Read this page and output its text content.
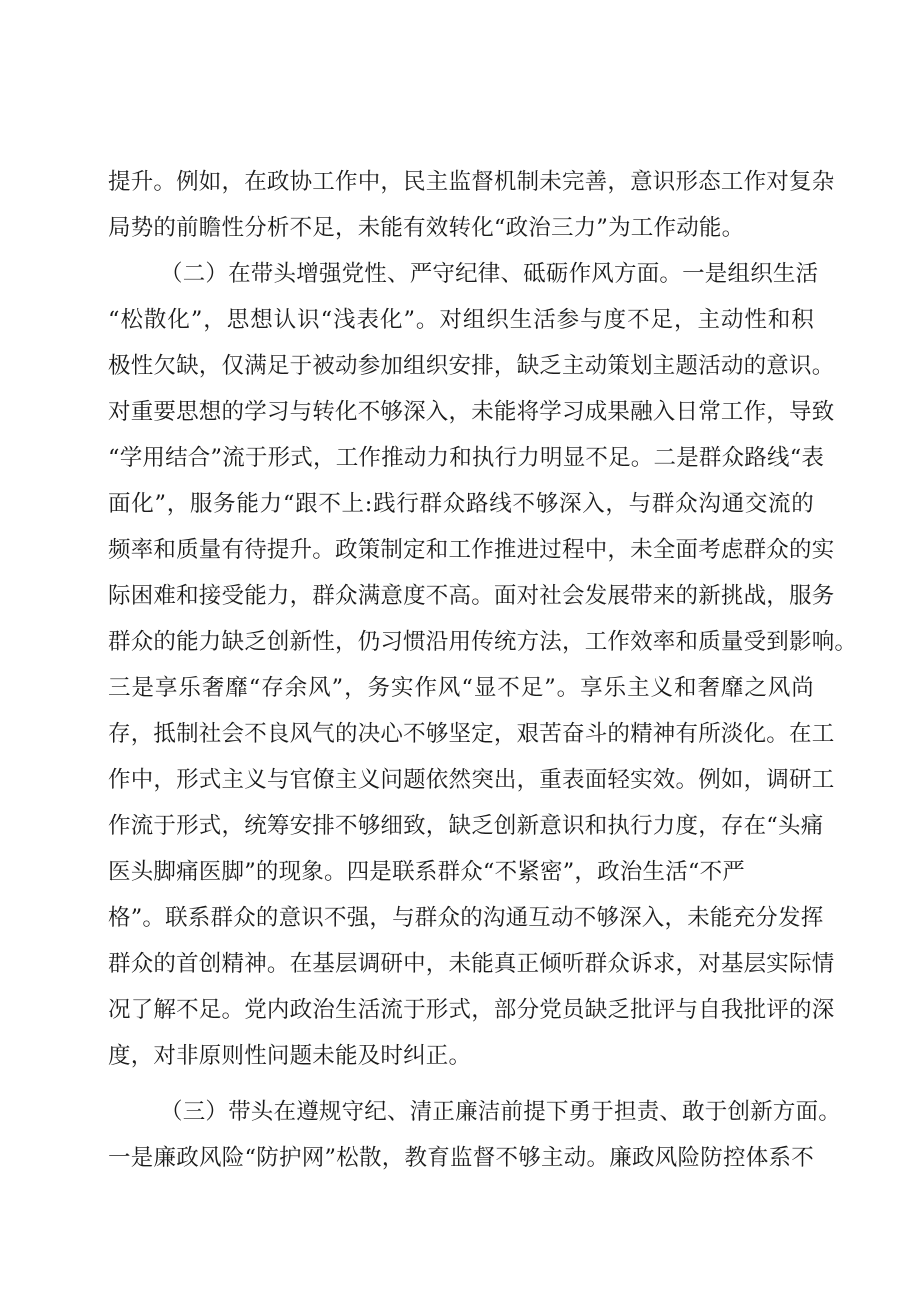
提升。例如，在政协工作中，民主监督机制未完善，意识形态工作对复杂
局势的前瞻性分析不足，未能有效转化“政治三力”为工作动能。
（二）在带头增强党性、严守纪律、砥砺作风方面。一是组织生活
“松散化”，思想认识“浅表化”。对组织生活参与度不足，主动性和积
极性欠缺，仅满足于被动参加组织安排，缺乏主动策划主题活动的意识。
对重要思想的学习与转化不够深入，未能将学习成果融入日常工作，导致
“学用结合”流于形式，工作推动力和执行力明显不足。二是群众路线“表
面化”，服务能力“跟不上:践行群众路线不够深入，与群众沟通交流的
频率和质量有待提升。政策制定和工作推进过程中，未全面考虑群众的实
际困难和接受能力，群众满意度不高。面对社会发展带来的新挑战，服务
群众的能力缺乏创新性，仍习惯沿用传统方法，工作效率和质量受到影响。
三是享乐奢靡“存余风”，务实作风“显不足”。享乐主义和奢靡之风尚
存，抵制社会不良风气的决心不够坚定，艰苦奋斗的精神有所淡化。在工
作中，形式主义与官僚主义问题依然突出，重表面轻实效。例如，调研工
作流于形式，统筹安排不够细致，缺乏创新意识和执行力度，存在“头痛
医头脚痛医脚”的现象。四是联系群众“不紧密”，政治生活“不严
格”。联系群众的意识不强，与群众的沟通互动不够深入，未能充分发挥
群众的首创精神。在基层调研中，未能真正倾听群众诉求，对基层实际情
况了解不足。党内政治生活流于形式，部分党员缺乏批评与自我批评的深
度，对非原则性问题未能及时纠正。
（三）带头在遵规守纪、清正廉洁前提下勇于担责、敢于创新方面。
一是廉政风险“防护网”松散，教育监督不够主动。廉政风险防控体系不
